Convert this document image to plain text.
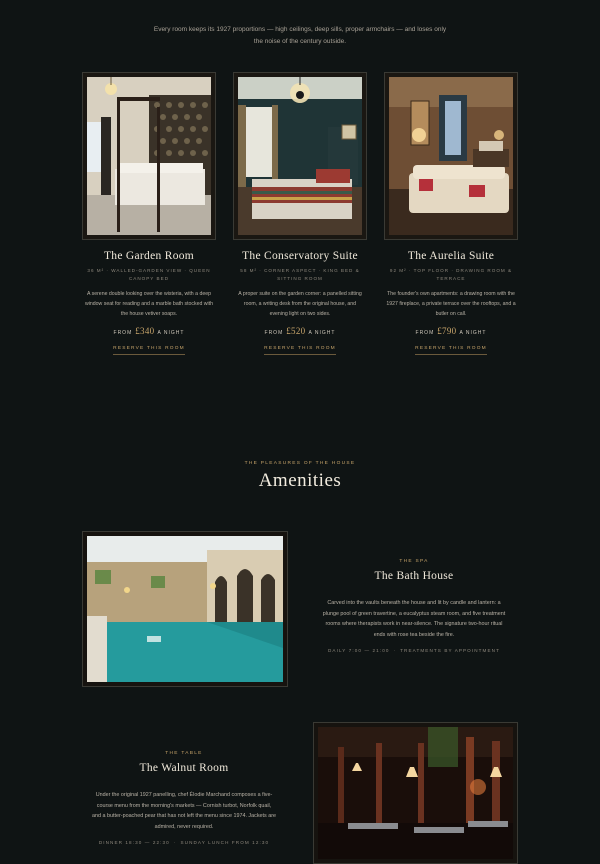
Every room keeps its 1927 proportions — high ceilings, deep sills, proper armchairs — and loses only the noise of the century outside.
The Garden Room
36 M² · WALLED-GARDEN VIEW · QUEEN CANOPY BED
A serene double looking over the wisteria, with a deep window seat for reading and a marble bath stocked with the house vetiver soaps.
FROM £340 A NIGHT
RESERVE THIS ROOM
The Conservatory Suite
58 M² · CORNER ASPECT · KING BED & SITTING ROOM
A proper suite on the garden corner: a panelled sitting room, a writing desk from the original house, and evening light on two sides.
FROM £520 A NIGHT
RESERVE THIS ROOM
The Aurelia Suite
92 M² · TOP FLOOR · DRAWING ROOM & TERRACE
The founder's own apartments: a drawing room with the 1927 fireplace, a private terrace over the rooftops, and a butler on call.
FROM £790 A NIGHT
RESERVE THIS ROOM
THE PLEASURES OF THE HOUSE
Amenities
THE SPA
The Bath House

Carved into the vaults beneath the house and lit by candle and lantern: a plunge pool of green travertine, a eucalyptus steam room, and five treatment rooms where therapists work in near-silence. The signature two-hour ritual ends with rose tea beside the fire.

DAILY 7:00 — 21:00 · TREATMENTS BY APPOINTMENT
THE TABLE
The Walnut Room

Under the original 1927 panelling, chef Élodie Marchand composes a five-course menu from the morning's markets — Cornish turbot, Norfolk quail, and a butter-poached pear that has not left the menu since 1974. Jackets are admired, never required.

DINNER 18:30 — 22:30 · SUNDAY LUNCH FROM 12:30
